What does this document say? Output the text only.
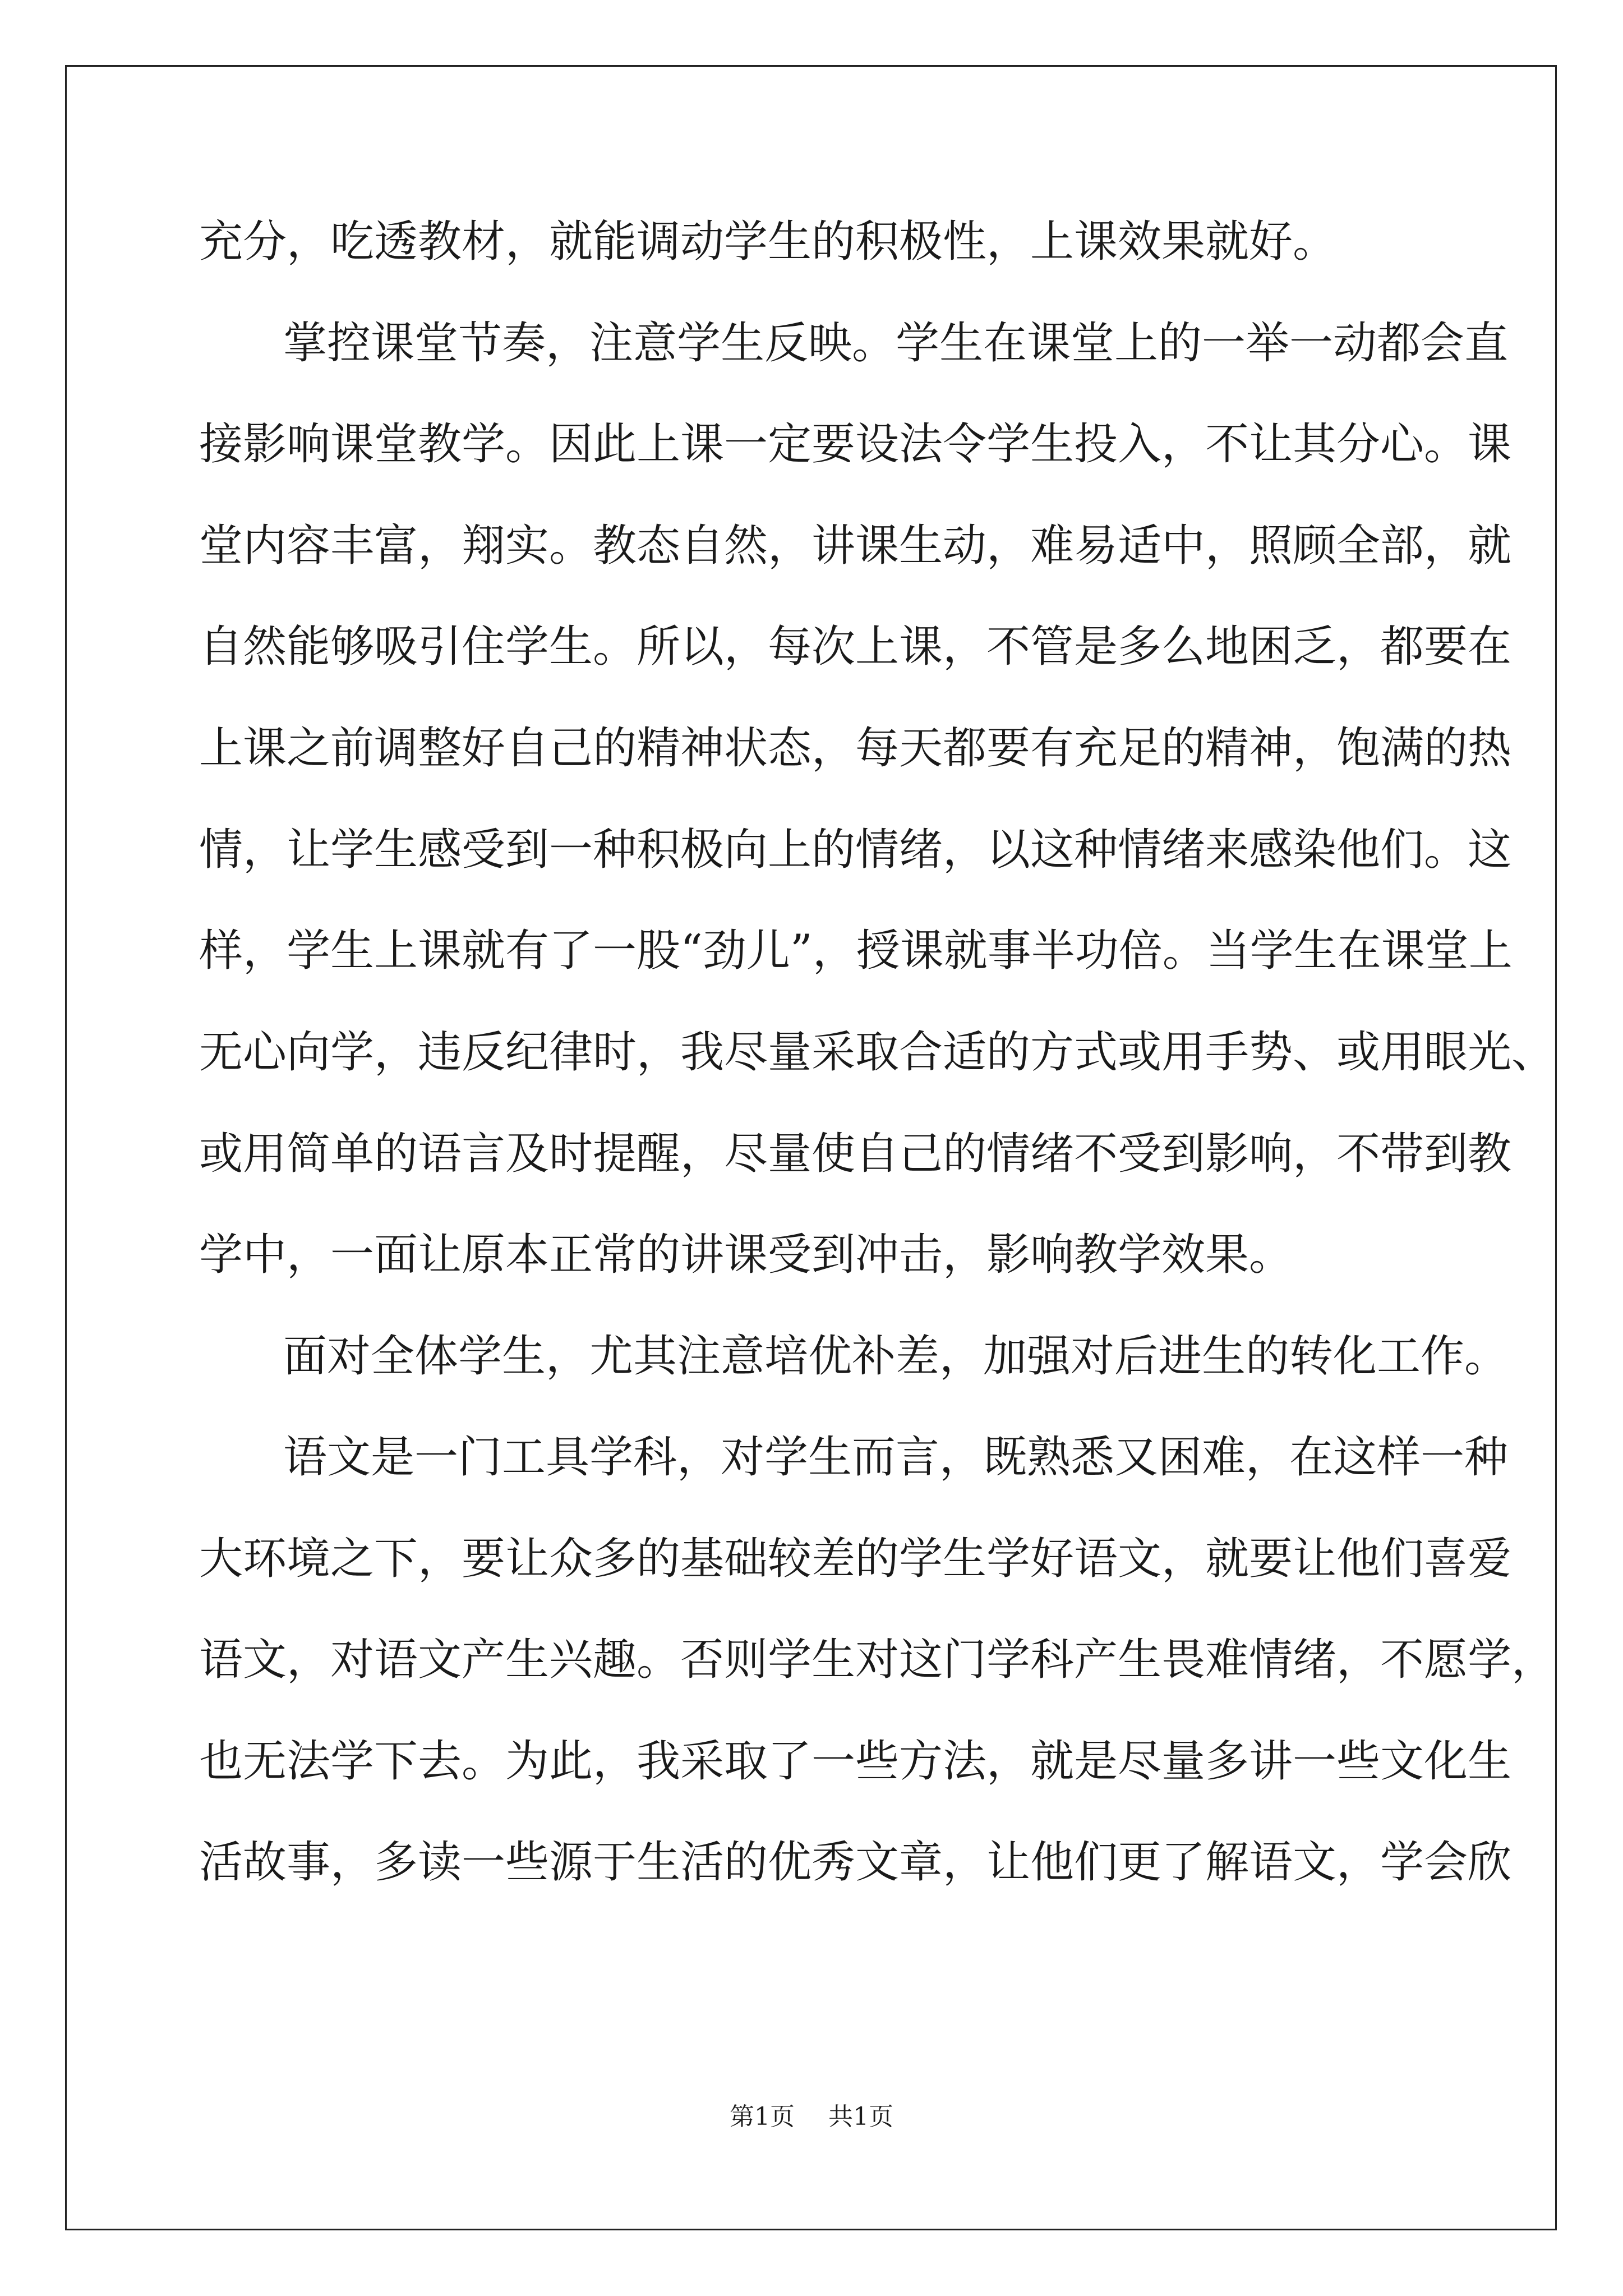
充分，吃透教材，就能调动学生的积极性，上课效果就好。

掌控课堂节奏，注意学生反映。学生在课堂上的一举一动都会直

接影响课堂教学。因此上课一定要设法令学生投入，不让其分心。课

堂内容丰富，翔实。教态自然，讲课生动，难易适中，照顾全部，就

自然能够吸引住学生。所以，每次上课，不管是多么地困乏，都要在

上课之前调整好自己的精神状态，每天都要有充足的精神，饱满的热

情，让学生感受到一种积极向上的情绪，以这种情绪来感染他们。这

样，学生上课就有了一股“劲儿”，授课就事半功倍。当学生在课堂上

无心向学，违反纪律时，我尽量采取合适的方式或用手势、或用眼光、

或用简单的语言及时提醒，尽量使自己的情绪不受到影响，不带到教

学中，一面让原本正常的讲课受到冲击，影响教学效果。

面对全体学生，尤其注意培优补差，加强对后进生的转化工作。

语文是一门工具学科，对学生而言，既熟悉又困难，在这样一种

大环境之下，要让众多的基础较差的学生学好语文，就要让他们喜爱

语文，对语文产生兴趣。否则学生对这门学科产生畏难情绪，不愿学，

也无法学下去。为此，我采取了一些方法，就是尽量多讲一些文化生

活故事，多读一些源于生活的优秀文章，让他们更了解语文，学会欣

第1页 共1页
